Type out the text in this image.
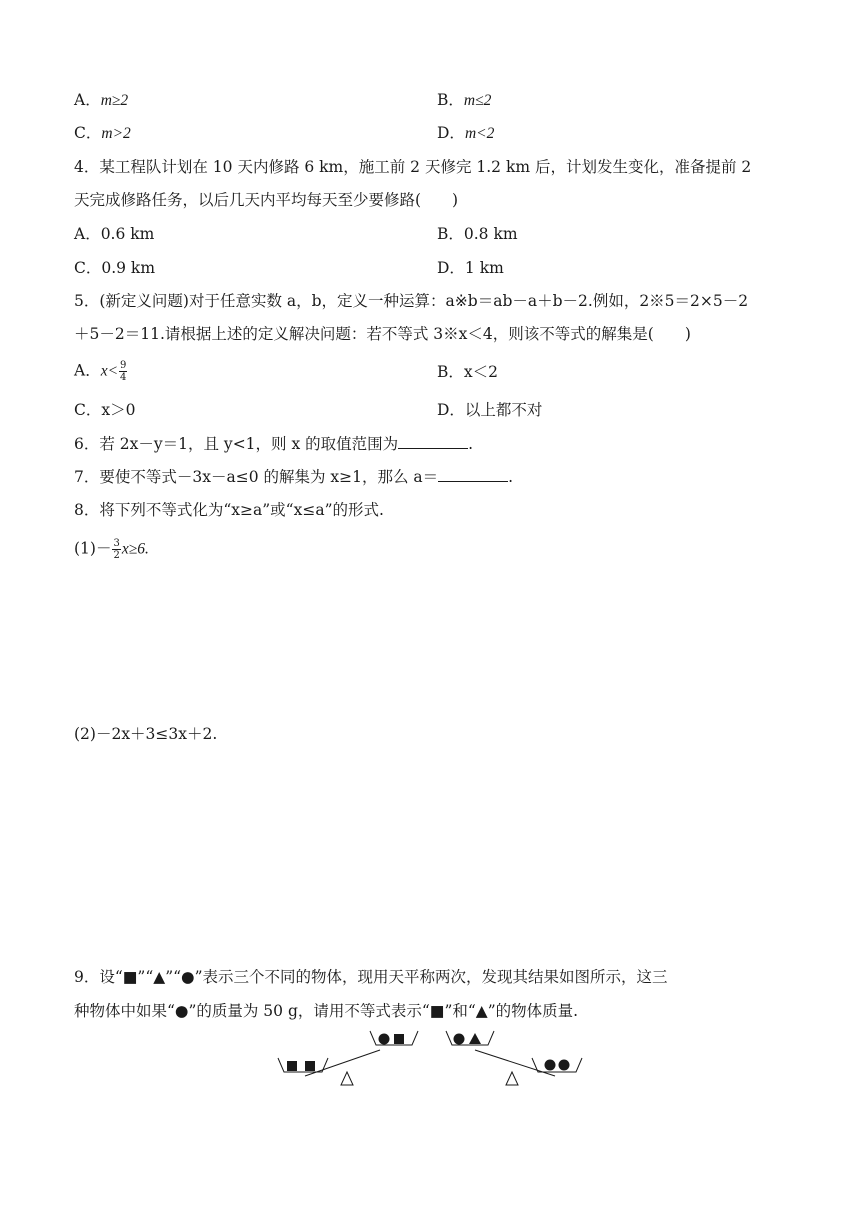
A．m≥2	B．m≤2
C．m>2	D．m<2
4．某工程队计划在 10 天内修路 6 km，施工前 2 天修完 1.2 km 后，计划发生变化，准备提前 2
天完成修路任务，以后几天内平均每天至少要修路(　　)
A．0.6 km	B．0.8 km
C．0.9 km	D．1 km
5．(新定义问题)对于任意实数 a，b，定义一种运算：a※b＝ab－a＋b－2.例如，2※5＝2×5－2
＋5－2＝11.请根据上述的定义解决问题：若不等式 3※x＜4，则该不等式的解集是(　　)
A．$x< \frac{9}{4}$	B．x＜2
C．x＞0	D．以上都不对
6．若 2x－y＝1，且 y<1，则 x 的取值范围为	.
7．要使不等式－3x－a≤0 的解集为 x≥1，那么 a＝	.
8．将下列不等式化为“x≥a”或“x≤a”的形式.
$(1)- \frac{3}{2} x\ge 6$.
(2)－2x＋3≤3x＋2.
9．设“■”“▲”“●”表示三个不同的物体，现用天平称两次，发现其结果如图所示，这三
种物体中如果“●”的质量为 50 g，请用不等式表示“■”和“▲”的物体质量.
